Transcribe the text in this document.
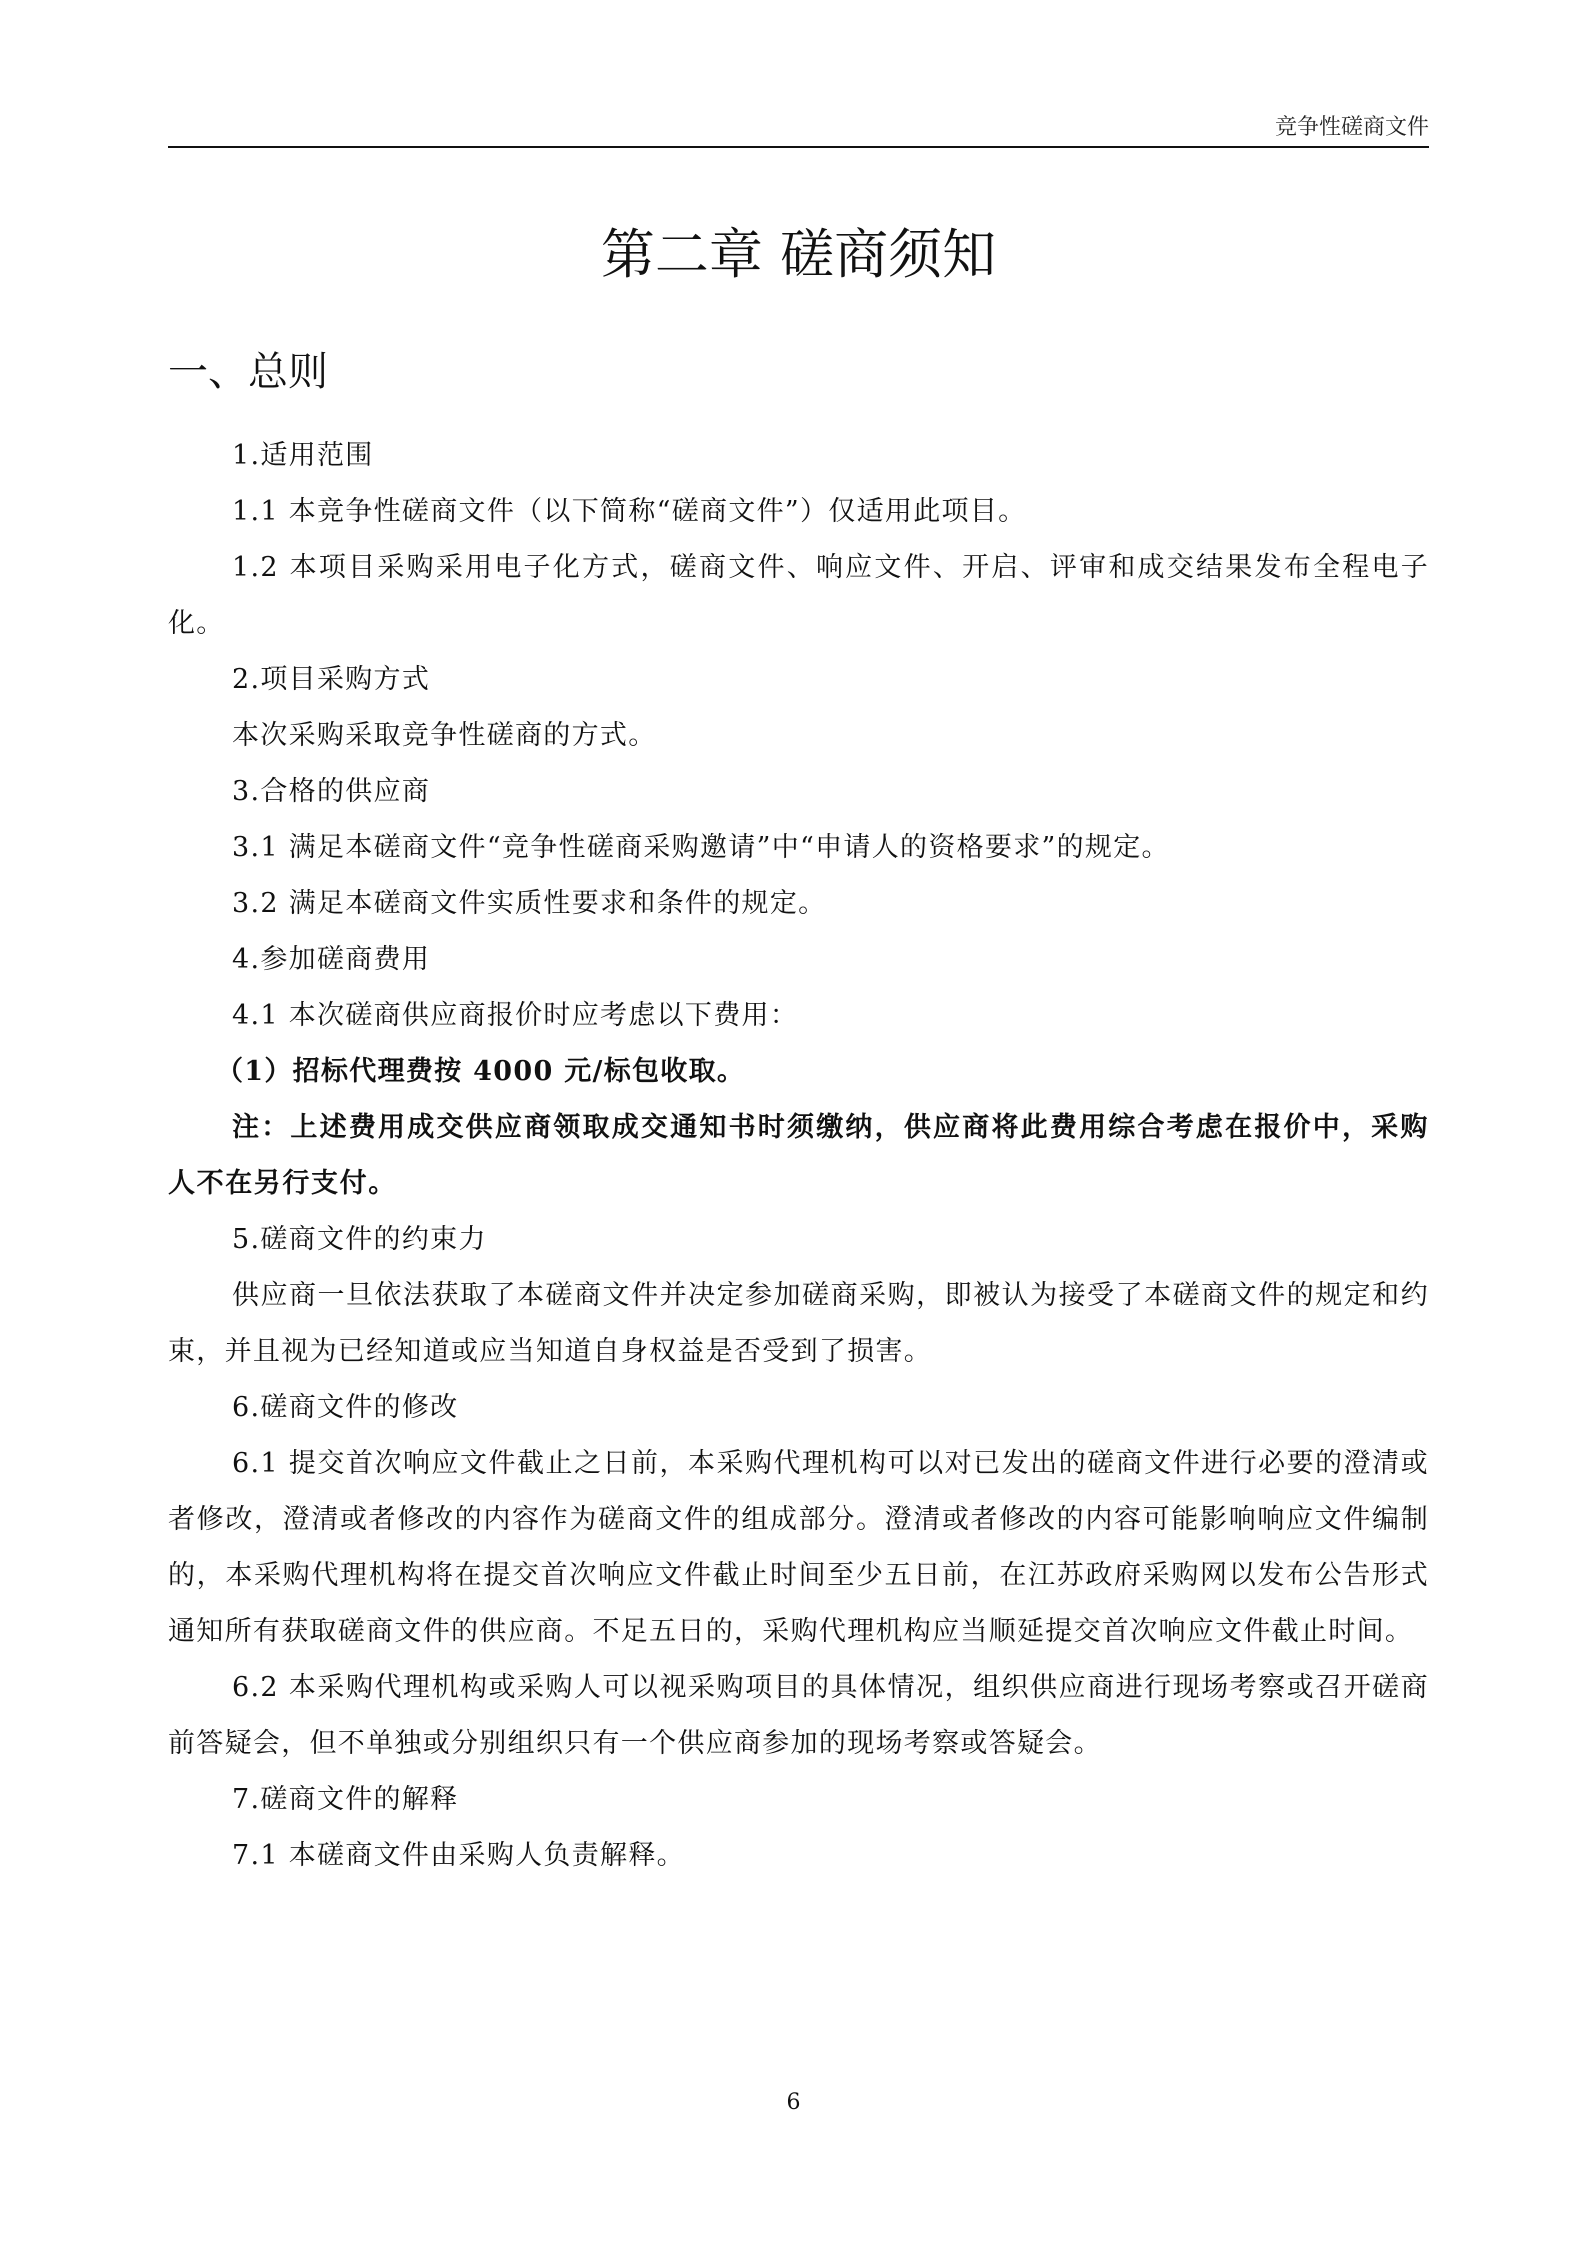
竞争性磋商文件
第二章 磋商须知
一、总则

1.适用范围

1.1 本竞争性磋商文件（以下简称“磋商文件”）仅适用此项目。

1.2 本项目采购采用电子化方式，磋商文件、响应文件、开启、评审和成交结果发布全程电子化。

2.项目采购方式

本次采购采取竞争性磋商的方式。

3.合格的供应商

3.1 满足本磋商文件“竞争性磋商采购邀请”中“申请人的资格要求”的规定。

3.2 满足本磋商文件实质性要求和条件的规定。

4.参加磋商费用

4.1 本次磋商供应商报价时应考虑以下费用：

（1）招标代理费按 4000 元/标包收取。

注：上述费用成交供应商领取成交通知书时须缴纳，供应商将此费用综合考虑在报价中，采购人不在另行支付。

5.磋商文件的约束力

供应商一旦依法获取了本磋商文件并决定参加磋商采购，即被认为接受了本磋商文件的规定和约束，并且视为已经知道或应当知道自身权益是否受到了损害。

6.磋商文件的修改

6.1 提交首次响应文件截止之日前，本采购代理机构可以对已发出的磋商文件进行必要的澄清或者修改，澄清或者修改的内容作为磋商文件的组成部分。澄清或者修改的内容可能影响响应文件编制的，本采购代理机构将在提交首次响应文件截止时间至少五日前，在江苏政府采购网以发布公告形式通知所有获取磋商文件的供应商。不足五日的，采购代理机构应当顺延提交首次响应文件截止时间。

6.2 本采购代理机构或采购人可以视采购项目的具体情况，组织供应商进行现场考察或召开磋商前答疑会，但不单独或分别组织只有一个供应商参加的现场考察或答疑会。

7.磋商文件的解释

7.1 本磋商文件由采购人负责解释。

6
